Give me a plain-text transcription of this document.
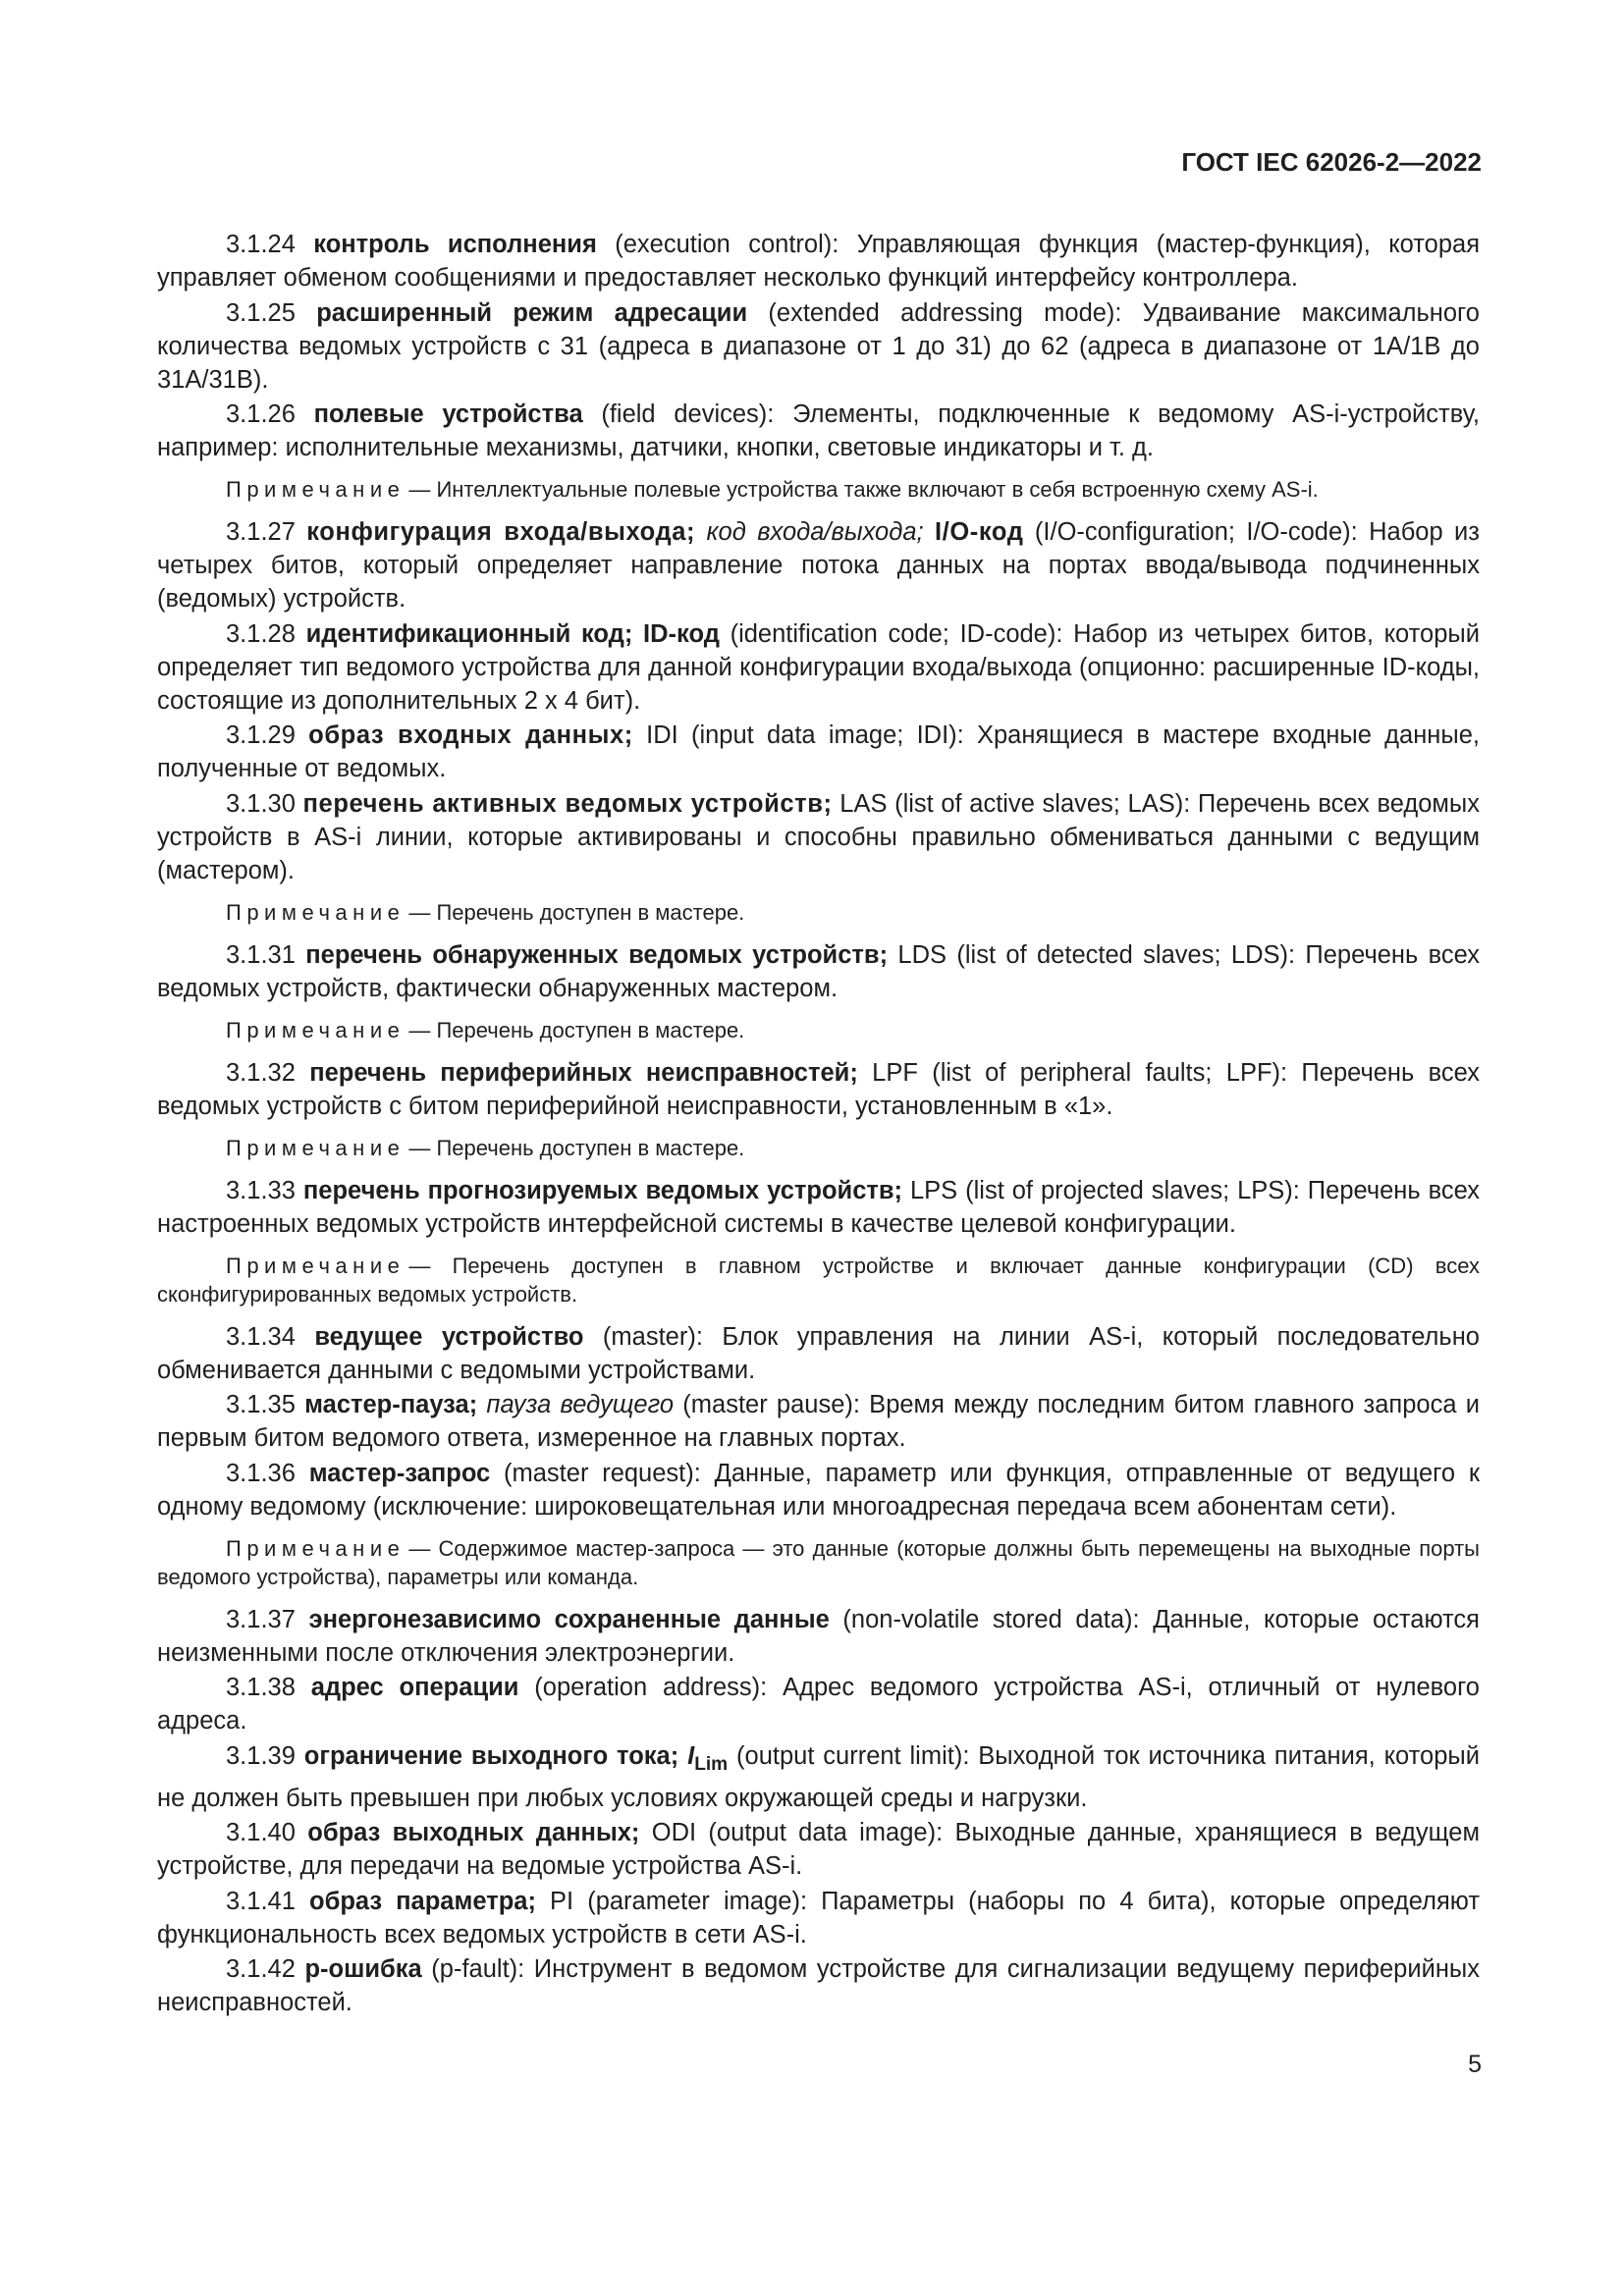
ГОСТ IEC 62026-2—2022

3.1.24 контроль исполнения (execution control): Управляющая функция (мастер-функция), которая управляет обменом сообщениями и предоставляет несколько функций интерфейсу контроллера.

3.1.25 расширенный режим адресации (extended addressing mode): Удваивание максимального количества ведомых устройств с 31 (адреса в диапазоне от 1 до 31) до 62 (адреса в диапазоне от 1A/1B до 31A/31B).

3.1.26 полевые устройства (field devices): Элементы, подключенные к ведомому AS-i-устройству, например: исполнительные механизмы, датчики, кнопки, световые индикаторы и т. д.

Примечание — Интеллектуальные полевые устройства также включают в себя встроенную схему AS-i.

3.1.27 конфигурация входа/выхода; код входа/выхода; I/O-код (I/O-configuration; I/O-code): Набор из четырех битов, который определяет направление потока данных на портах ввода/вывода подчиненных (ведомых) устройств.

3.1.28 идентификационный код; ID-код (identification code; ID-code): Набор из четырех битов, который определяет тип ведомого устройства для данной конфигурации входа/выхода (опционно: расширенные ID-коды, состоящие из дополнительных 2 x 4 бит).

3.1.29 образ входных данных; IDI (input data image; IDI): Хранящиеся в мастере входные данные, полученные от ведомых.

3.1.30 перечень активных ведомых устройств; LAS (list of active slaves; LAS): Перечень всех ведомых устройств в AS-i линии, которые активированы и способны правильно обмениваться данными с ведущим (мастером).

Примечание — Перечень доступен в мастере.

3.1.31 перечень обнаруженных ведомых устройств; LDS (list of detected slaves; LDS): Перечень всех ведомых устройств, фактически обнаруженных мастером.

Примечание — Перечень доступен в мастере.

3.1.32 перечень периферийных неисправностей; LPF (list of peripheral faults; LPF): Перечень всех ведомых устройств с битом периферийной неисправности, установленным в «1».

Примечание — Перечень доступен в мастере.

3.1.33 перечень прогнозируемых ведомых устройств; LPS (list of projected slaves; LPS): Перечень всех настроенных ведомых устройств интерфейсной системы в качестве целевой конфигурации.

Примечание — Перечень доступен в главном устройстве и включает данные конфигурации (CD) всех сконфигурированных ведомых устройств.

3.1.34 ведущее устройство (master): Блок управления на линии AS-i, который последовательно обменивается данными с ведомыми устройствами.

3.1.35 мастер-пауза; пауза ведущего (master pause): Время между последним битом главного запроса и первым битом ведомого ответа, измеренное на главных портах.

3.1.36 мастер-запрос (master request): Данные, параметр или функция, отправленные от ведущего к одному ведомому (исключение: широковещательная или многоадресная передача всем абонентам сети).

Примечание — Содержимое мастер-запроса — это данные (которые должны быть перемещены на выходные порты ведомого устройства), параметры или команда.

3.1.37 энергонезависимо сохраненные данные (non-volatile stored data): Данные, которые остаются неизменными после отключения электроэнергии.

3.1.38 адрес операции (operation address): Адрес ведомого устройства AS-i, отличный от нулевого адреса.

3.1.39 ограничение выходного тока; $I_{Lim}$ (output current limit): Выходной ток источника питания, который не должен быть превышен при любых условиях окружающей среды и нагрузки.

3.1.40 образ выходных данных; ODI (output data image): Выходные данные, хранящиеся в ведущем устройстве, для передачи на ведомые устройства AS-i.

3.1.41 образ параметра; PI (parameter image): Параметры (наборы по 4 бита), которые определяют функциональность всех ведомых устройств в сети AS-i.

3.1.42 р-ошибка (p-fault): Инструмент в ведомом устройстве для сигнализации ведущему периферийных неисправностей.

5
